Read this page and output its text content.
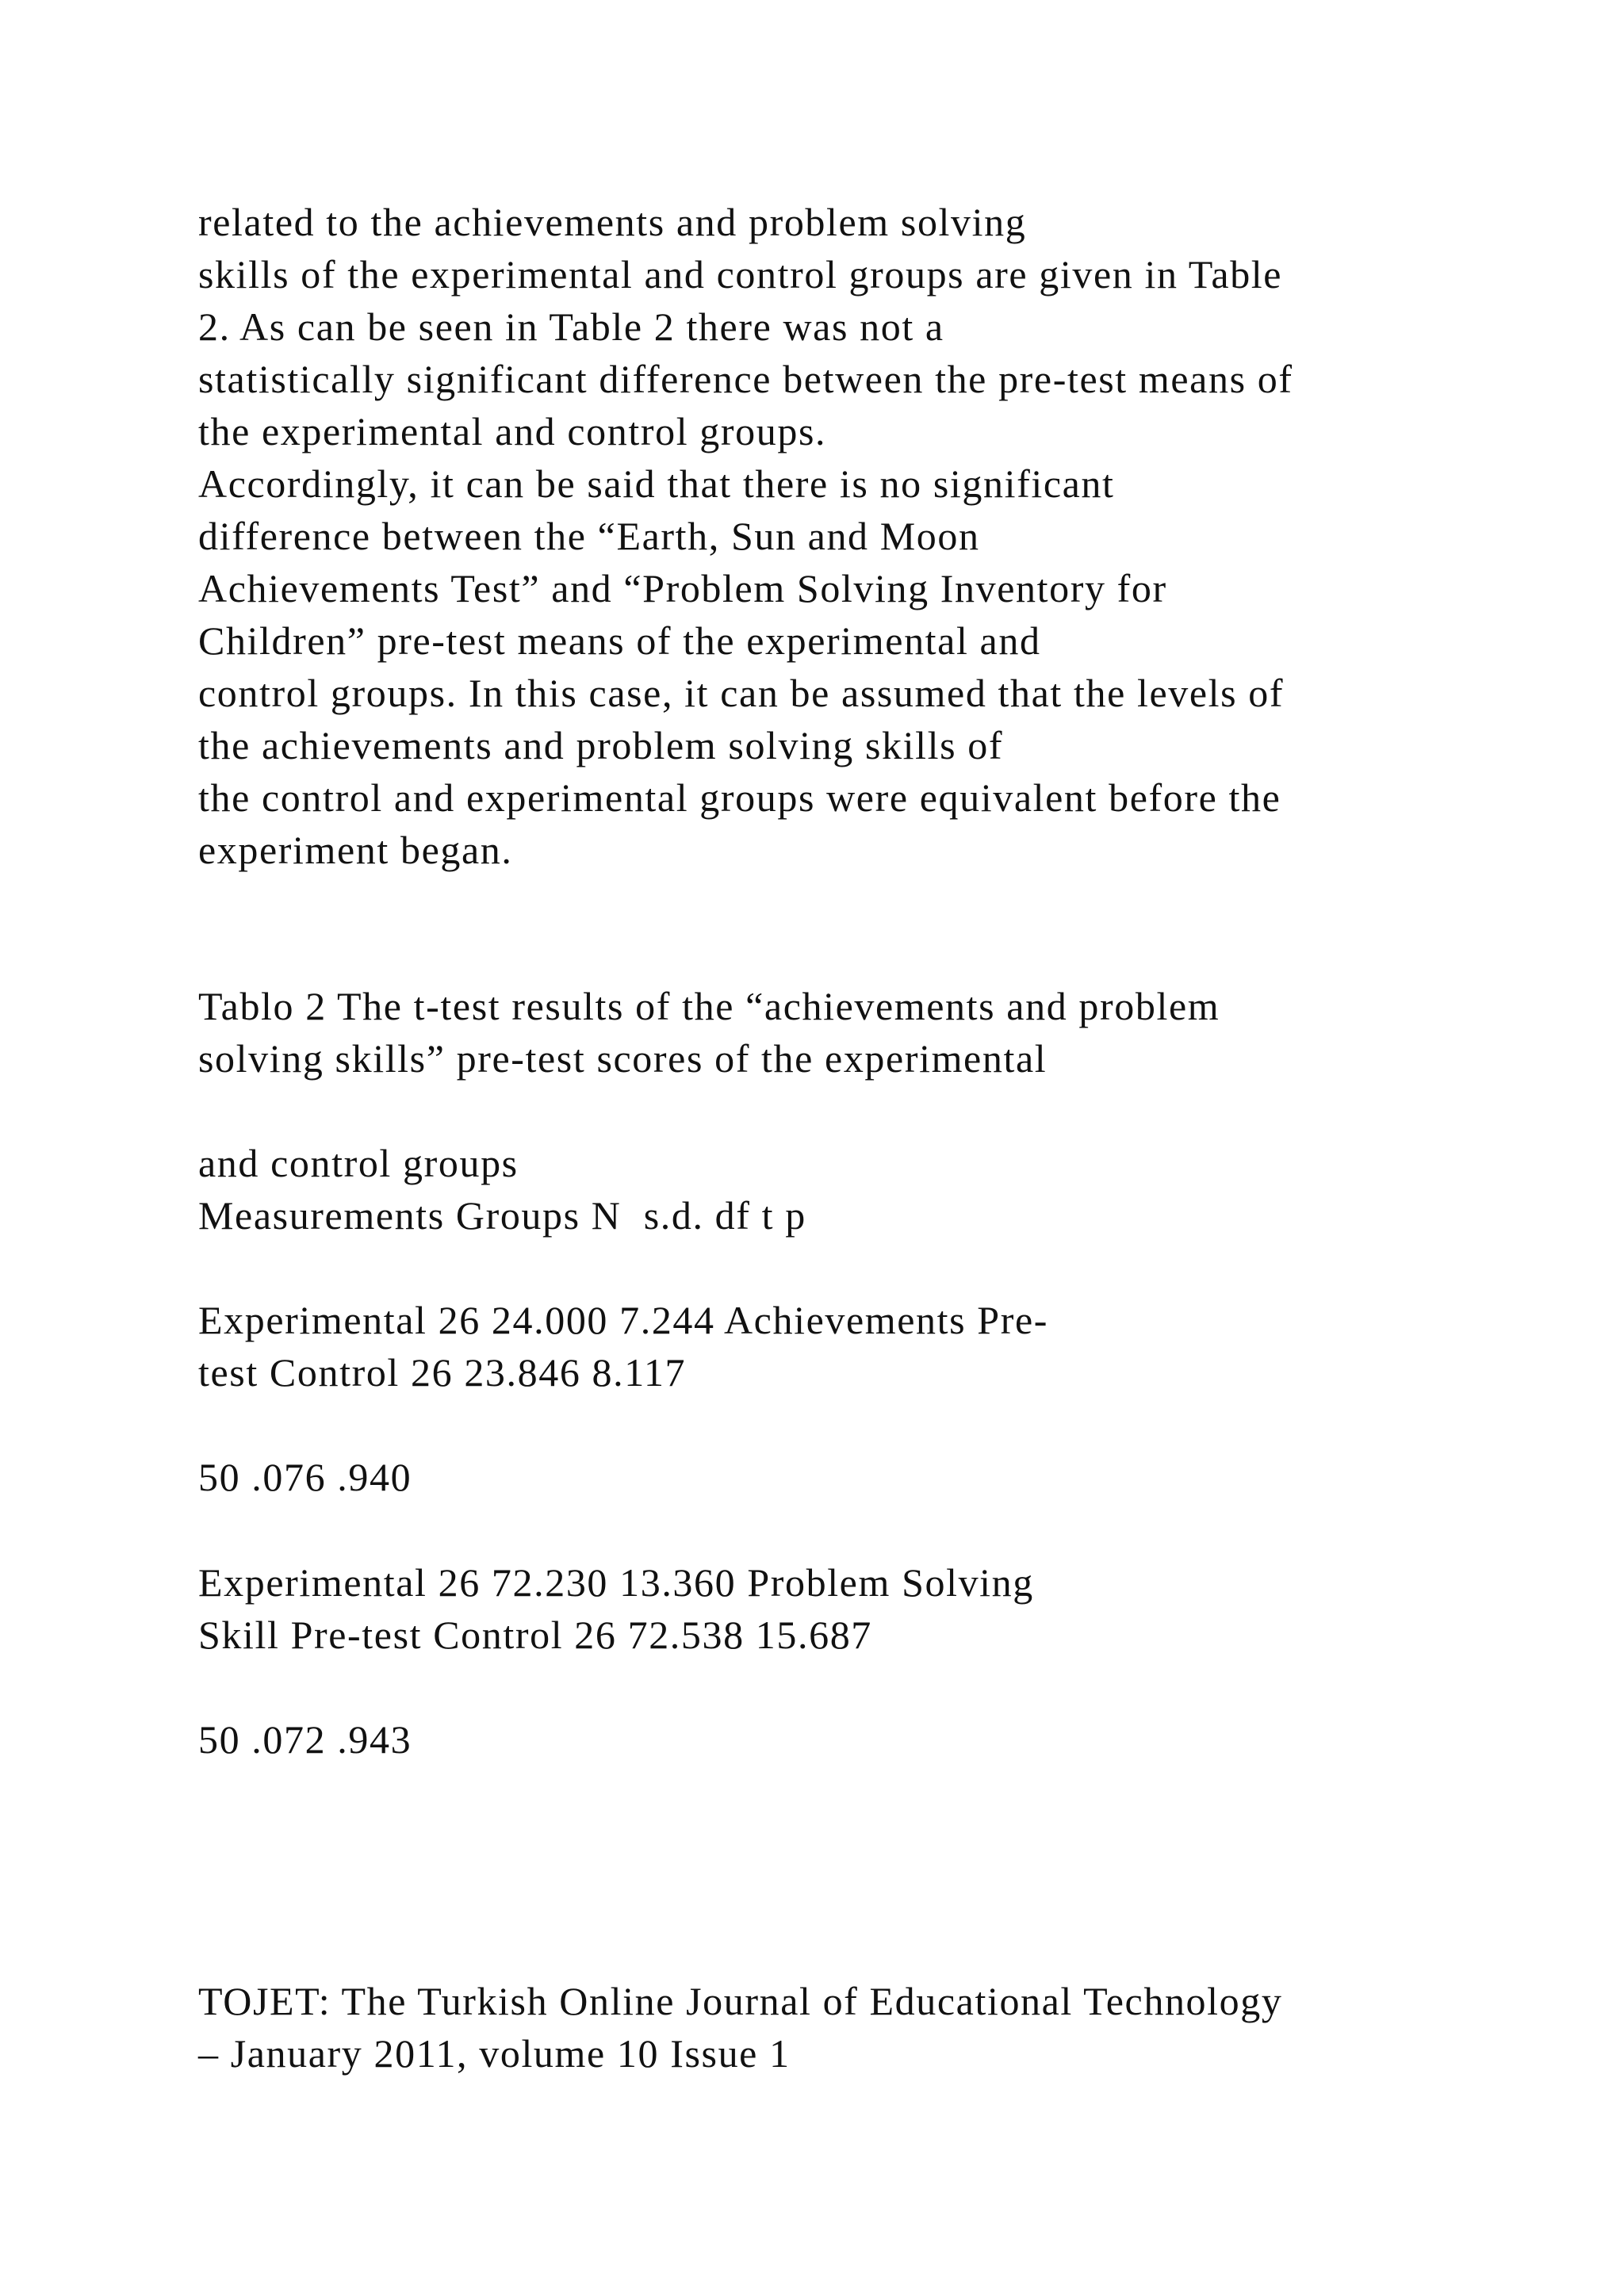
related to the achievements and problem solving
skills of the experimental and control groups are given in Table
2. As can be seen in Table 2 there was not a
statistically significant difference between the pre-test means of
the experimental and control groups.
Accordingly, it can be said that there is no significant
difference between the “Earth, Sun and Moon
Achievements Test” and “Problem Solving Inventory for
Children” pre-test means of the experimental and
control groups. In this case, it can be assumed that the levels of
the achievements and problem solving skills of
the control and experimental groups were equivalent before the
experiment began.
Tablo 2 The t-test results of the “achievements and problem
solving skills” pre-test scores of the experimental
and control groups
Measurements Groups N  s.d. df t p
Experimental 26 24.000 7.244 Achievements Pre-
test Control 26 23.846 8.117
50 .076 .940
Experimental 26 72.230 13.360 Problem Solving
Skill Pre-test Control 26 72.538 15.687
50 .072 .943
TOJET: The Turkish Online Journal of Educational Technology
– January 2011, volume 10 Issue 1
